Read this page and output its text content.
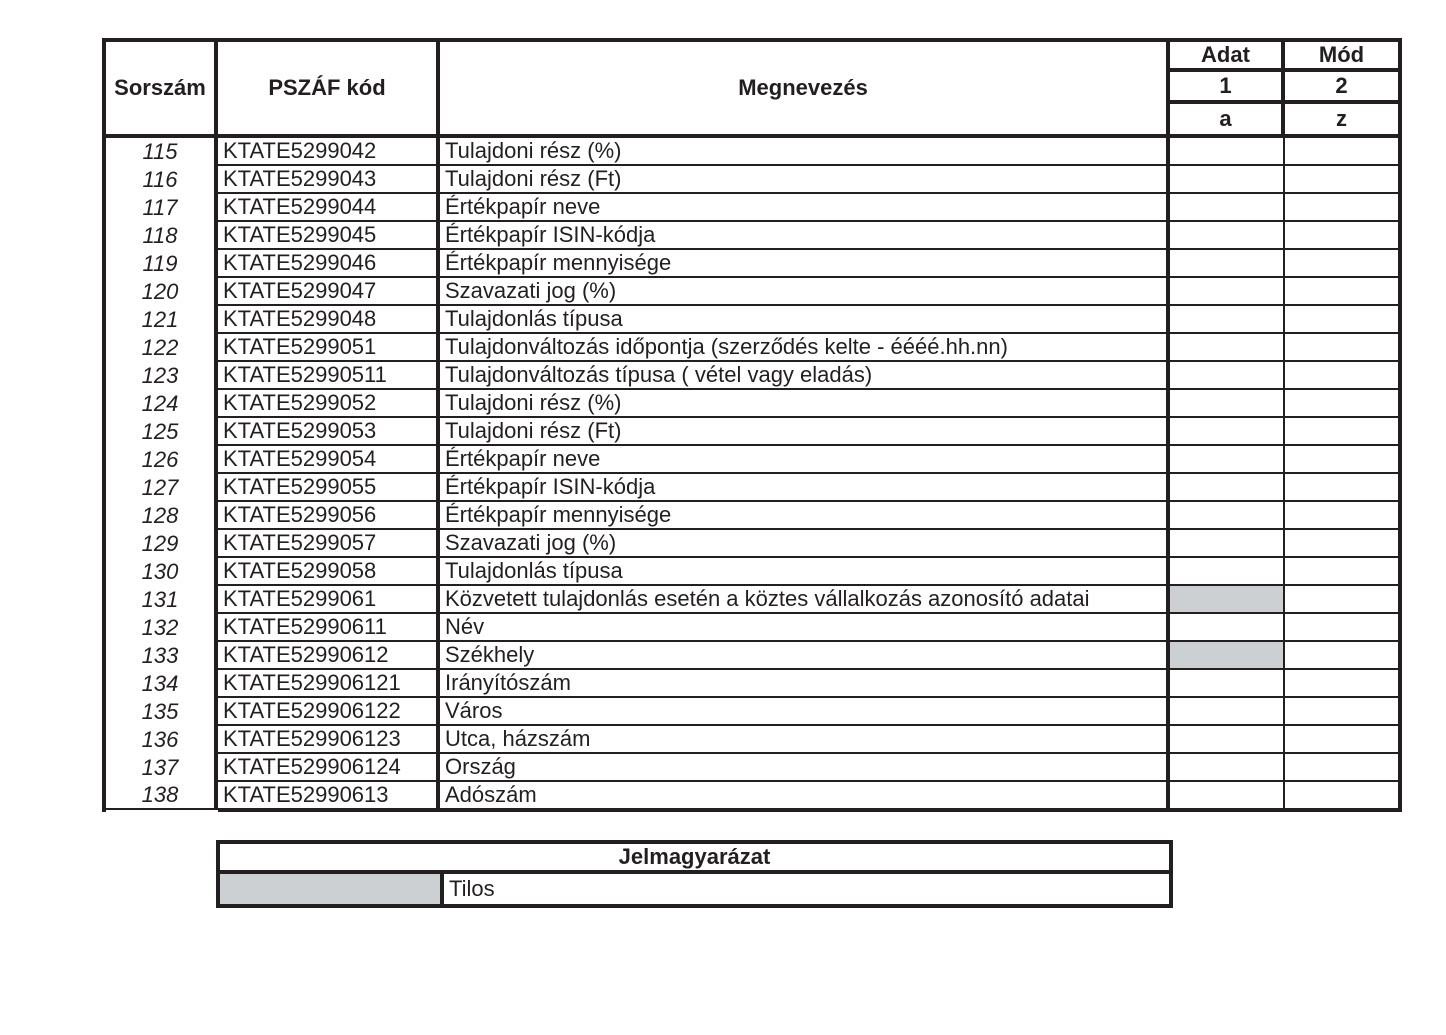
Sorszám	PSZÁF kód	Megnevezés
Adat	Mód
1	2
a	z
115	KTATE5299042	Tulajdoni rész (%)
116	KTATE5299043	Tulajdoni rész (Ft)
117	KTATE5299044	Értékpapír neve
118	KTATE5299045	Értékpapír ISIN-kódja
119	KTATE5299046	Értékpapír mennyisége
120	KTATE5299047	Szavazati jog (%)
121	KTATE5299048	Tulajdonlás típusa
122	KTATE5299051	Tulajdonváltozás időpontja (szerződés kelte - éééé.hh.nn)
123	KTATE52990511	Tulajdonváltozás típusa ( vétel vagy eladás)
124	KTATE5299052	Tulajdoni rész (%)
125	KTATE5299053	Tulajdoni rész (Ft)
126	KTATE5299054	Értékpapír neve
127	KTATE5299055	Értékpapír ISIN-kódja
128	KTATE5299056	Értékpapír mennyisége
129	KTATE5299057	Szavazati jog (%)
130	KTATE5299058	Tulajdonlás típusa
131	KTATE5299061	Közvetett tulajdonlás esetén a köztes vállalkozás azonosító adatai
132	KTATE52990611	Név
133	KTATE52990612	Székhely
134	KTATE529906121	Irányítószám
135	KTATE529906122	Város
136	KTATE529906123	Utca, házszám
137	KTATE529906124	Ország
138	KTATE52990613	Adószám
Jelmagyarázat
Tilos
